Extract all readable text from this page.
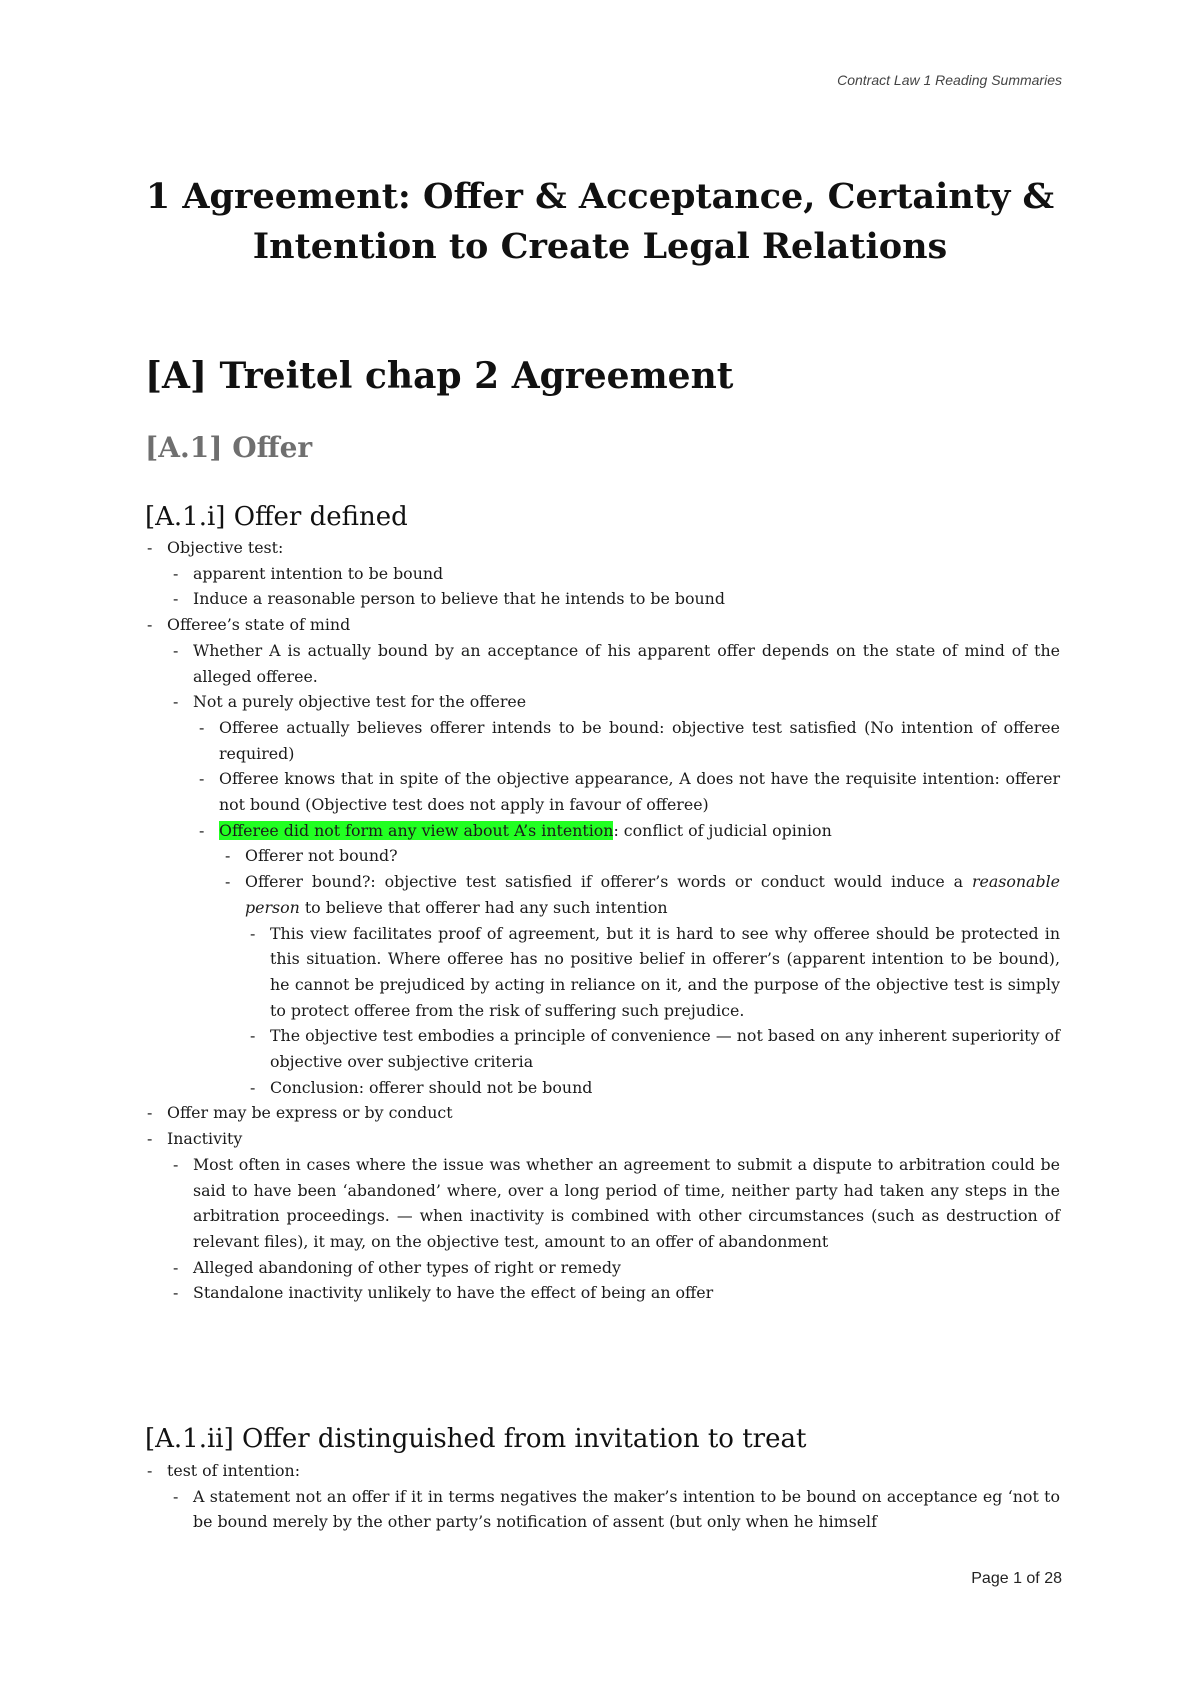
Contract Law 1 Reading Summaries
1 Agreement: Offer & Acceptance, Certainty &
Intention to Create Legal Relations
[A] Treitel chap 2 Agreement
[A.1] Offer
[A.1.i] Offer defined
- Objective test:
- apparent intention to be bound
- Induce a reasonable person to believe that he intends to be bound
- Offeree’s state of mind
- Whether A is actually bound by an acceptance of his apparent offer depends on the state of mind of the alleged offeree.
- Not a purely objective test for the offeree
- Offeree actually believes offerer intends to be bound: objective test satisfied (No intention of offeree required)
- Offeree knows that in spite of the objective appearance, A does not have the requisite intention: offerer not bound (Objective test does not apply in favour of offeree)
- Offeree did not form any view about A’s intention: conflict of judicial opinion
- Offerer not bound?
- Offerer bound?: objective test satisfied if offerer’s words or conduct would induce a reasonable person to believe that offerer had any such intention
- This view facilitates proof of agreement, but it is hard to see why offeree should be protected in this situation. Where offeree has no positive belief in offerer’s (apparent intention to be bound), he cannot be prejudiced by acting in reliance on it, and the purpose of the objective test is simply to protect offeree from the risk of suffering such prejudice.
- The objective test embodies a principle of convenience — not based on any inherent superiority of objective over subjective criteria
- Conclusion: offerer should not be bound
- Offer may be express or by conduct
- Inactivity
- Most often in cases where the issue was whether an agreement to submit a dispute to arbitration could be said to have been ‘abandoned’ where, over a long period of time, neither party had taken any steps in the arbitration proceedings. — when inactivity is combined with other circumstances (such as destruction of relevant files), it may, on the objective test, amount to an offer of abandonment
- Alleged abandoning of other types of right or remedy
- Standalone inactivity unlikely to have the effect of being an offer
[A.1.ii] Offer distinguished from invitation to treat
- test of intention:
- A statement not an offer if it in terms negatives the maker’s intention to be bound on acceptance eg ‘not to be bound merely by the other party’s notification of assent (but only when he himself
Page 1 of 28
